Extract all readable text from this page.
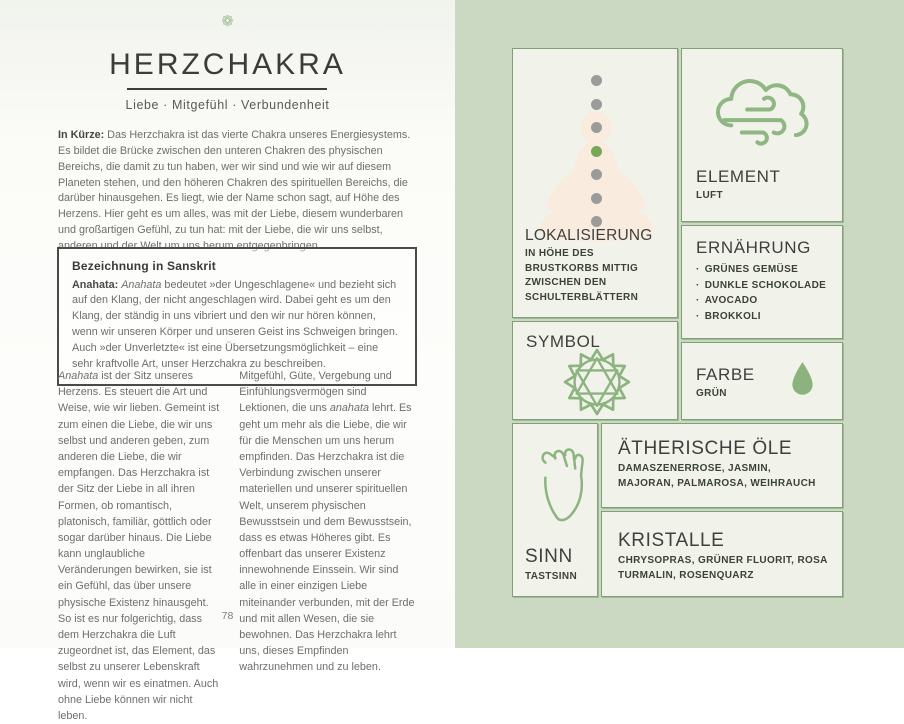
❁
HERZCHAKRA
Liebe · Mitgefühl · Verbundenheit

In Kürze: Das Herzchakra ist das vierte Chakra unseres Energiesystems. Es bildet die Brücke zwischen den unteren Chakren des physischen Bereichs, die damit zu tun haben, wer wir sind und wie wir auf diesem Planeten stehen, und den höheren Chakren des spirituellen Bereichs, die darüber hinausgehen. Es liegt, wie der Name schon sagt, auf Höhe des Herzens. Hier geht es um alles, was mit der Liebe, diesem wunderbaren und großartigen Gefühl, zu tun hat: mit der Liebe, die wir uns selbst, anderen und der Welt um uns herum entgegenbringen.

Bezeichnung in Sanskrit
Anahata: Anahata bedeutet »der Ungeschlagene« und bezieht sich auf den Klang, der nicht angeschlagen wird. Dabei geht es um den Klang, der ständig in uns vibriert und den wir nur hören können, wenn wir unseren Körper und unseren Geist ins Schweigen bringen. Auch »der Unverletzte« ist eine Übersetzungsmöglichkeit – eine sehr kraftvolle Art, unser Herzchakra zu beschreiben.

Anahata ist der Sitz unseres Herzens. Es steuert die Art und Weise, wie wir lieben. Gemeint ist zum einen die Liebe, die wir uns selbst und anderen geben, zum anderen die Liebe, die wir empfangen. Das Herzchakra ist der Sitz der Liebe in all ihren Formen, ob romantisch, platonisch, familiär, göttlich oder sogar darüber hinaus. Die Liebe kann unglaubliche Veränderungen bewirken, sie ist ein Gefühl, das über unsere physische Existenz hinausgeht. So ist es nur folgerichtig, dass dem Herzchakra die Luft zugeordnet ist, das Element, das selbst zu unserer Lebenskraft wird, wenn wir es einatmen. Auch ohne Liebe können wir nicht leben.

Mitgefühl, Güte, Vergebung und Einfühlungsvermögen sind Lektionen, die uns anahata lehrt. Es geht um mehr als die Liebe, die wir für die Menschen um uns herum empfinden. Das Herzchakra ist die Verbindung zwischen unserer materiellen und unserer spirituellen Welt, unserem physischen Bewusstsein und dem Bewusstsein, dass es etwas Höheres gibt. Es offenbart das unserer Existenz innewohnende Einssein. Wir sind alle in einer einzigen Liebe miteinander verbunden, mit der Erde und mit allen Wesen, die sie bewohnen. Das Herzchakra lehrt uns, dieses Empfinden wahrzunehmen und zu leben.

78
LOKALISIERUNG
IN HÖHE DES BRUSTKORBS MITTIG ZWISCHEN DEN SCHULTERBLÄTTERN
ELEMENT
LUFT
ERNÄHRUNG
· GRÜNES GEMÜSE
· DUNKLE SCHOKOLADE
· AVOCADO
· BROKKOLI
SYMBOL
FARBE
GRÜN
SINN
TASTSINN
ÄTHERISCHE ÖLE
DAMASZENERROSE, JASMIN, MAJORAN, PALMAROSA, WEIHRAUCH
KRISTALLE
CHRYSOPRAS, GRÜNER FLUORIT, ROSA TURMALIN, ROSENQUARZ
